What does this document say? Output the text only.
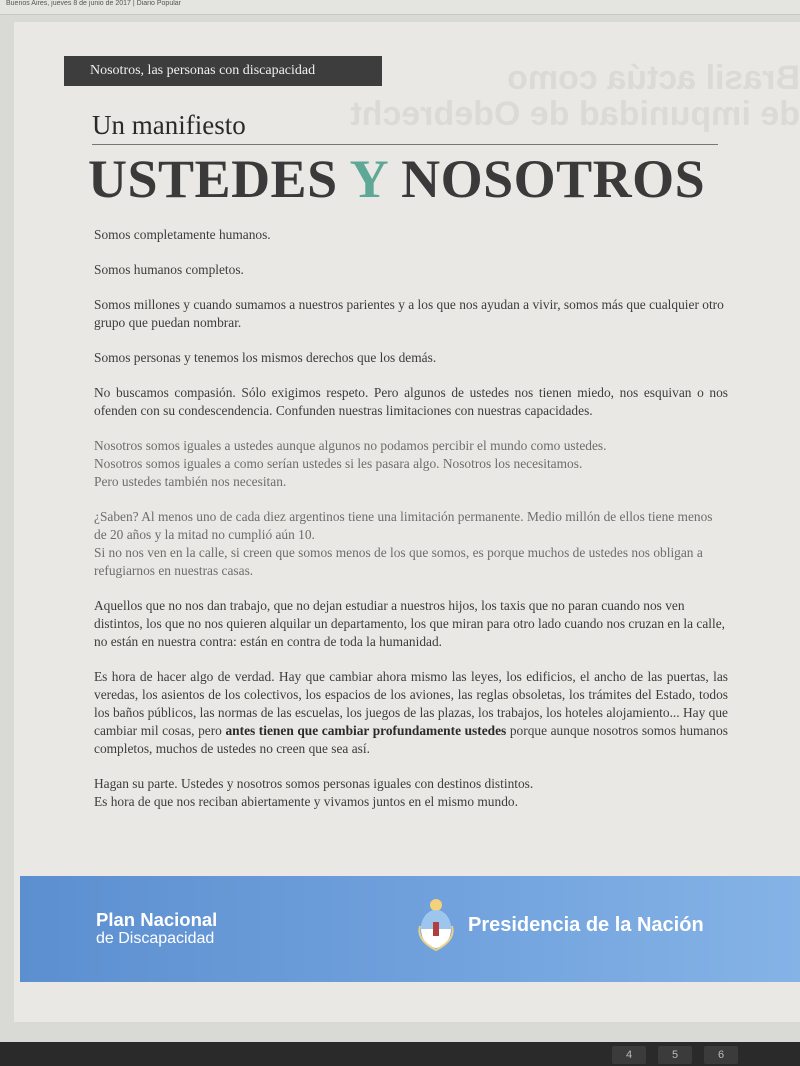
Buenos Aires, jueves 8 de junio de 2017 | Diario Popular
Brasil actúa como
de impunidad de Odebrecht
Nosotros, las personas con discapacidad
Un manifiesto
USTEDES Y NOSOTROS

Somos completamente humanos.

Somos humanos completos.

Somos millones y cuando sumamos a nuestros parientes y a los que nos ayudan a vivir, somos más que cualquier otro grupo que puedan nombrar.

Somos personas y tenemos los mismos derechos que los demás.

No buscamos compasión. Sólo exigimos respeto. Pero algunos de ustedes nos tienen miedo, nos esquivan o nos ofenden con su condescendencia. Confunden nuestras limitaciones con nuestras capacidades.

Nosotros somos iguales a ustedes aunque algunos no podamos percibir el mundo como ustedes.
Nosotros somos iguales a como serían ustedes si les pasara algo. Nosotros los necesitamos.
Pero ustedes también nos necesitan.

¿Saben? Al menos uno de cada diez argentinos tiene una limitación permanente. Medio millón de ellos tiene menos de 20 años y la mitad no cumplió aún 10.
Si no nos ven en la calle, si creen que somos menos de los que somos, es porque muchos de ustedes nos obligan a refugiarnos en nuestras casas.

Aquellos que no nos dan trabajo, que no dejan estudiar a nuestros hijos, los taxis que no paran cuando nos ven distintos, los que no nos quieren alquilar un departamento, los que miran para otro lado cuando nos cruzan en la calle, no están en nuestra contra: están en contra de toda la humanidad.

Es hora de hacer algo de verdad. Hay que cambiar ahora mismo las leyes, los edificios, el ancho de las puertas, las veredas, los asientos de los colectivos, los espacios de los aviones, las reglas obsoletas, los trámites del Estado, todos los baños públicos, las normas de las escuelas, los juegos de las plazas, los trabajos, los hoteles alojamiento... Hay que cambiar mil cosas, pero antes tienen que cambiar profundamente ustedes porque aunque nosotros somos humanos completos, muchos de ustedes no creen que sea así.

Hagan su parte. Ustedes y nosotros somos personas iguales con destinos distintos.
Es hora de que nos reciban abiertamente y vivamos juntos en el mismo mundo.

Plan Nacional
de Discapacidad
Presidencia de la Nación
4	5	6
